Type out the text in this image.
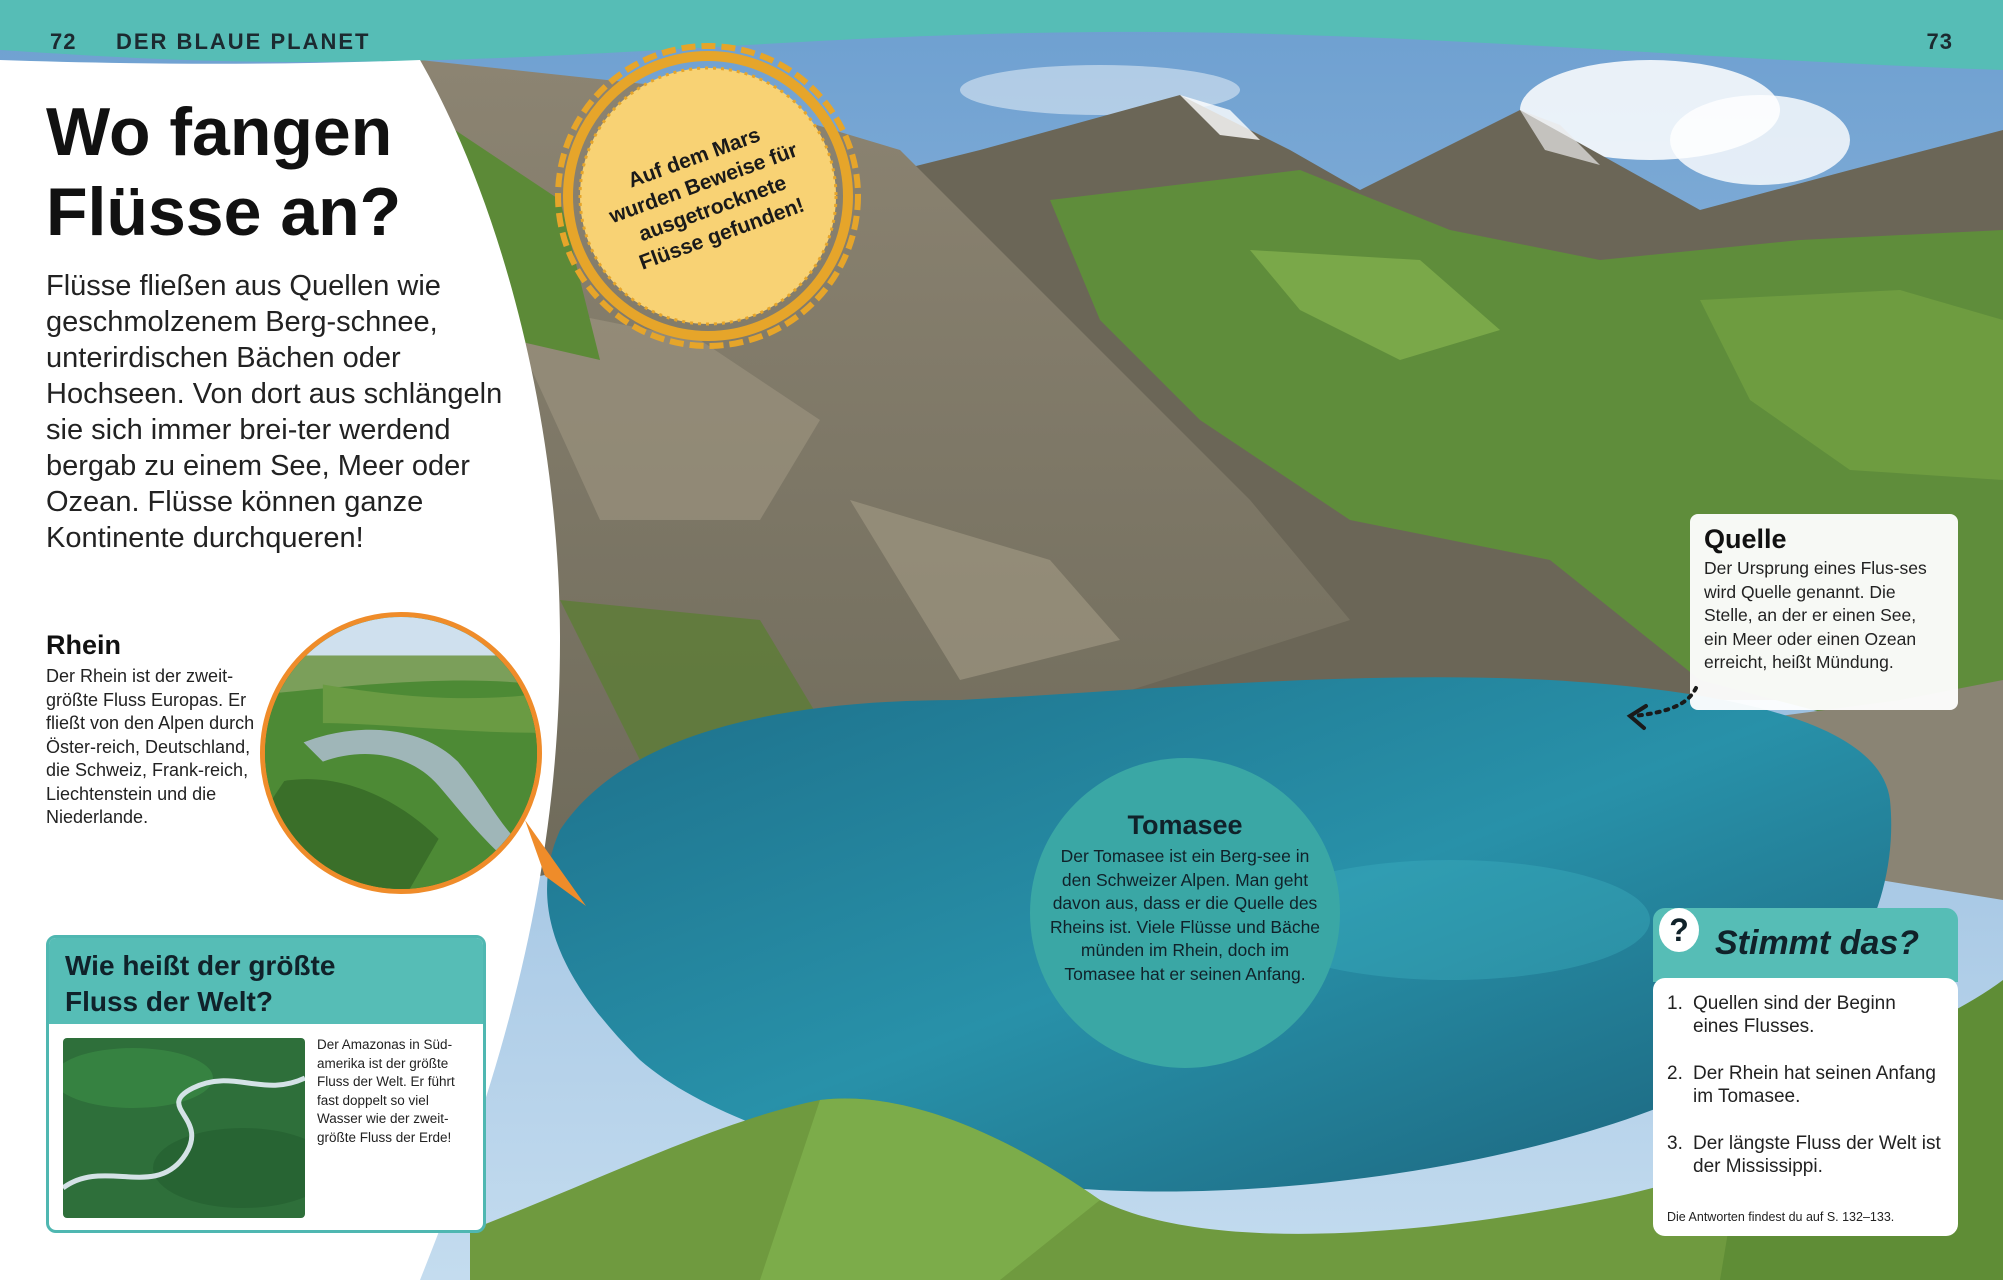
72 DER BLAUE PLANET	73
Wo fangen
Flüsse an?
Flüsse fließen aus Quellen wie geschmolzenem Berg-schnee, unterirdischen Bächen oder Hochseen. Von dort aus schlängeln sie sich immer brei-ter werdend bergab zu einem See, Meer oder Ozean. Flüsse können ganze Kontinente durchqueren!
Rhein
Der Rhein ist der zweit-größte Fluss Europas. Er fließt von den Alpen durch Öster-reich, Deutschland, die Schweiz, Frank-reich, Liechtenstein und die Niederlande.
Wie heißt der größte
Fluss der Welt?
Der Amazonas in Süd-amerika ist der größte Fluss der Welt. Er führt fast doppelt so viel Wasser wie der zweit-größte Fluss der Erde!
Auf dem Mars wurden Beweise für ausgetrocknete Flüsse gefunden!
Quelle
Der Ursprung eines Flus-ses wird Quelle genannt. Die Stelle, an der er einen See, ein Meer oder einen Ozean erreicht, heißt Mündung.
Tomasee
Der Tomasee ist ein Berg-see in den Schweizer Alpen. Man geht davon aus, dass er die Quelle des Rheins ist. Viele Flüsse und Bäche münden im Rhein, doch im Tomasee hat er seinen Anfang.
? Stimmt das?
1. Quellen sind der Beginn eines Flusses.
2. Der Rhein hat seinen Anfang im Tomasee.
3. Der längste Fluss der Welt ist der Mississippi.
Die Antworten findest du auf S. 132–133.
